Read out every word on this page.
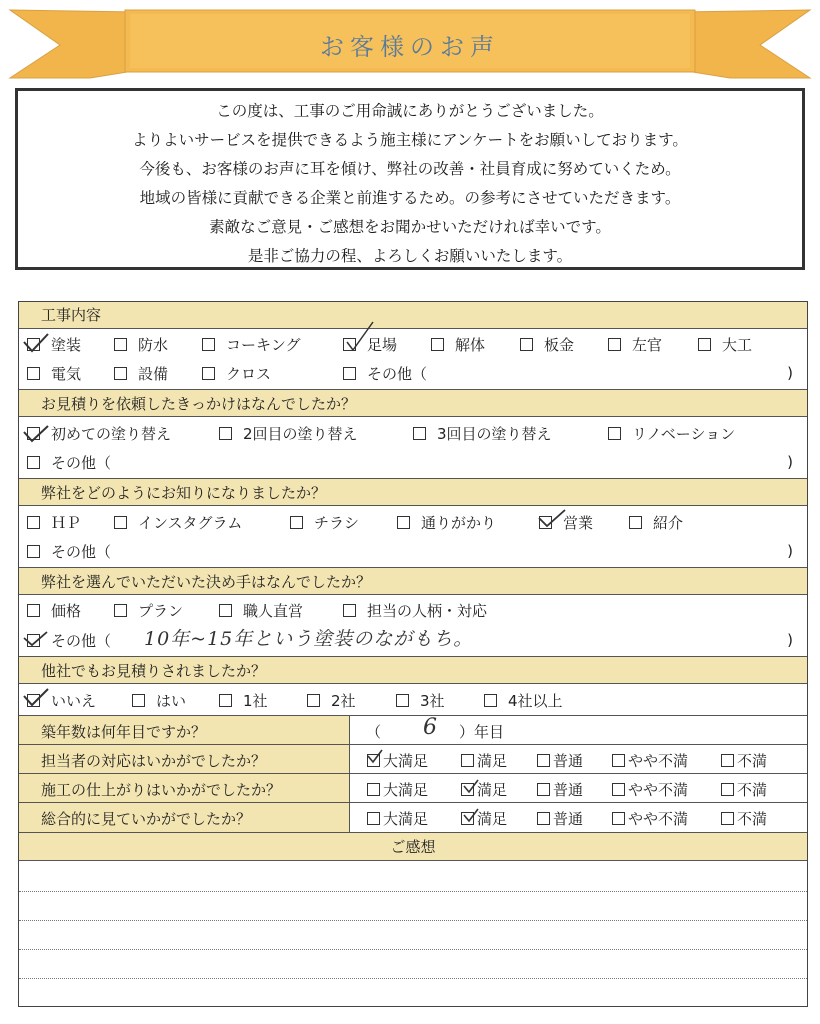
お客様のお声
この度は、工事のご用命誠にありがとうございました。
よりよいサービスを提供できるよう施主様にアンケートをお願いしております。
今後も、お客様のお声に耳を傾け、弊社の改善・社員育成に努めていくため。
地域の皆様に貢献できる企業と前進するため。の参考にさせていただきます。
素敵なご意見・ご感想をお聞かせいただければ幸いです。
是非ご協力の程、よろしくお願いいたします。
工事内容
塗装	防水	コーキング	足場	解体	板金	左官	大工
電気	設備	クロス	その他（	)
お見積りを依頼したきっかけはなんでしたか？
初めての塗り替え	2回目の塗り替え	3回目の塗り替え	リノベーション
その他（	)
弊社をどのようにお知りになりましたか？
ＨＰ	インスタグラム	チラシ	通りがかり	営業	紹介
その他（	)
弊社を選んでいただいた決め手はなんでしたか？
価格	プラン	職人直営	担当の人柄・対応
その他（ 10年~15年という塗装のながもち。	)
他社でもお見積りされましたか？
いいえ	はい	1社	2社	3社	4社以上
築年数は何年目ですか？	（ 6 ）年目
担当者の対応はいかがでしたか？	大満足	満足	普通	やや不満	不満
施工の仕上がりはいかがでしたか？	大満足	満足	普通	やや不満	不満
総合的に見ていかがでしたか？	大満足	満足	普通	やや不満	不満
ご感想
